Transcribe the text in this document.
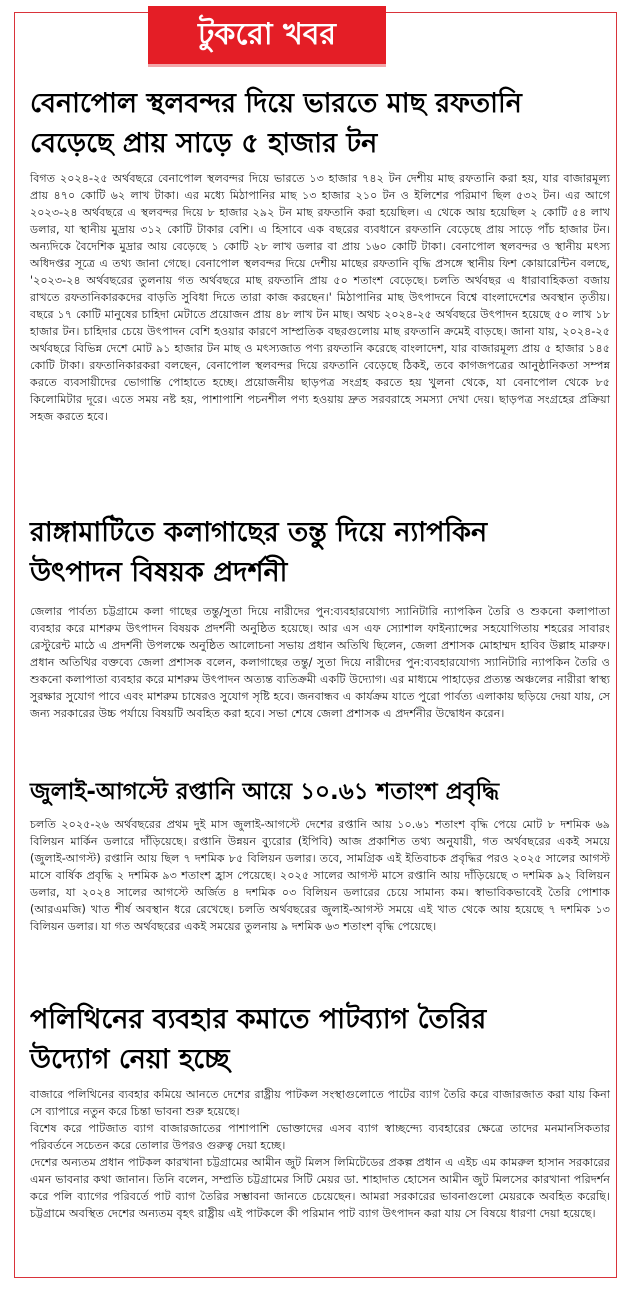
টুকরো খবর
বেনাপোল স্থলবন্দর দিয়ে ভারতে মাছ রফতানি
বেড়েছে প্রায় সাড়ে ৫ হাজার টন

বিগত ২০২৪-২৫ অর্থবছরে বেনাপোল স্থলবন্দর দিয়ে ভারতে ১৩ হাজার ৭৪২ টন দেশীয় মাছ রফতানি করা হয়, যার বাজারমূল্য প্রায় ৪৭০ কোটি ৬২ লাখ টাকা। এর মধ্যে মিঠাপানির মাছ ১৩ হাজার ২১০ টন ও ইলিশের পরিমাণ ছিল ৫৩২ টন। এর আগে ২০২৩-২৪ অর্থবছরে এ স্থলবন্দর দিয়ে ৮ হাজার ২৯২ টন মাছ রফতানি করা হয়েছিল। এ থেকে আয় হয়েছিল ২ কোটি ৫৪ লাখ ডলার, যা স্থানীয় মুদ্রায় ৩১২ কোটি টাকার বেশি। এ হিসাবে এক বছরের ব্যবধানে রফতানি বেড়েছে প্রায় সাড়ে পাঁচ হাজার টন। অন্যদিকে বৈদেশিক মুদ্রার আয় বেড়েছে ১ কোটি ২৮ লাখ ডলার বা প্রায় ১৬০ কোটি টাকা। বেনাপোল স্থলবন্দর ও স্থানীয় মৎস্য অধিদপ্তর সূত্রে এ তথ্য জানা গেছে। বেনাপোল স্থলবন্দর দিয়ে দেশীয় মাছের রফতানি বৃদ্ধি প্রসঙ্গে স্থানীয় ফিশ কোয়ারেন্টিন বলছে, '২০২৩-২৪ অর্থবছরের তুলনায় গত অর্থবছরে মাছ রফতানি প্রায় ৫০ শতাংশ বেড়েছে। চলতি অর্থবছর এ ধারাবাহিকতা বজায় রাখতে রফতানিকারকদের বাড়তি সুবিধা দিতে তারা কাজ করছেন।' মিঠাপানির মাছ উৎপাদনে বিশ্বে বাংলাদেশের অবস্থান তৃতীয়। বছরে ১৭ কোটি মানুষের চাহিদা মেটাতে প্রয়োজন প্রায় ৪৮ লাখ টন মাছ। অথচ ২০২৪-২৫ অর্থবছরে উৎপাদন হয়েছে ৫০ লাখ ১৮ হাজার টন। চাহিদার চেয়ে উৎপাদন বেশি হওয়ার কারণে সাম্প্রতিক বছরগুলোয় মাছ রফতানি ক্রমেই বাড়ছে। জানা যায়, ২০২৪-২৫ অর্থবছরে বিভিন্ন দেশে মোট ৯১ হাজার টন মাছ ও মৎস্যজাত পণ্য রফতানি করেছে বাংলাদেশ, যার বাজারমূল্য প্রায় ৫ হাজার ১৪৫ কোটি টাকা। রফতানিকারকরা বলছেন, বেনাপোল স্থলবন্দর দিয়ে রফতানি বেড়েছে ঠিকই, তবে কাগজপত্রের আনুষ্ঠানিকতা সম্পন্ন করতে ব্যবসায়ীদের ভোগান্তি পোহাতে হচ্ছে। প্রয়োজনীয় ছাড়পত্র সংগ্রহ করতে হয় খুলনা থেকে, যা বেনাপোল থেকে ৮৫ কিলোমিটার দূরে। এতে সময় নষ্ট হয়, পাশাপাশি পচনশীল পণ্য হওয়ায় দ্রুত সরবরাহে সমস্যা দেখা দেয়। ছাড়পত্র সংগ্রহের প্রক্রিয়া সহজ করতে হবে।

রাঙ্গামাটিতে কলাগাছের তন্তু দিয়ে ন্যাপকিন
উৎপাদন বিষয়ক প্রদর্শনী

জেলার পার্বত্য চট্টগ্রামে কলা গাছের তন্তু/সুতা দিয়ে নারীদের পুন:ব্যবহারযোগ্য স্যানিটারি ন্যাপকিন তৈরি ও শুকনো কলাপাতা ব্যবহার করে মাশরুম উৎপাদন বিষয়ক প্রদর্শনী অনুষ্ঠিত হয়েছে। আর এস এফ স্যোশাল ফাইন্যান্সের সহযোগিতায় শহরের সাবারং রেস্টুরেন্ট মাঠে এ প্রদর্শনী উপলক্ষে অনুষ্ঠিত আলোচনা সভায় প্রধান অতিথি ছিলেন, জেলা প্রশাসক মোহাম্মদ হাবিব উল্লাহ মারুফ। প্রধান অতিথির বক্তব্যে জেলা প্রশাসক বলেন, কলাগাছের তন্তু/ সুতা দিয়ে নারীদের পুন:ব্যবহারযোগ্য স্যানিটারি ন্যাপকিন তৈরি ও শুকনো কলাপাতা ব্যবহার করে মাশরুম উৎপাদন অত্যন্ত ব্যতিক্রমী একটি উদ্যোগ। এর মাধ্যমে পাহাড়ের প্রত্যন্ত অঞ্চলের নারীরা স্বাস্থ্য সুরক্ষার সুযোগ পাবে এবং মাশরুম চাষেরও সুযোগ সৃষ্টি হবে। জনবান্ধব এ কার্যক্রম যাতে পুরো পার্বত্য এলাকায় ছড়িয়ে দেয়া যায়, সে জন্য সরকারের উচ্চ পর্যায়ে বিষয়টি অবহিত করা হবে। সভা শেষে জেলা প্রশাসক এ প্রদর্শনীর উদ্বোধন করেন।

জুলাই-আগস্টে রপ্তানি আয়ে ১০.৬১ শতাংশ প্রবৃদ্ধি

চলতি ২০২৫-২৬ অর্থবছরের প্রথম দুই মাস জুলাই-আগস্টে দেশের রপ্তানি আয় ১০.৬১ শতাংশ বৃদ্ধি পেয়ে মোট ৮ দশমিক ৬৯ বিলিয়ন মার্কিন ডলারে দাঁড়িয়েছে। রপ্তানি উন্নয়ন ব্যুরোর (ইপিবি) আজ প্রকাশিত তথ্য অনুযায়ী, গত অর্থবছরের একই সময়ে (জুলাই-আগস্ট) রপ্তানি আয় ছিল ৭ দশমিক ৮৫ বিলিয়ন ডলার। তবে, সামগ্রিক এই ইতিবাচক প্রবৃদ্ধির পরও ২০২৫ সালের আগস্ট মাসে বার্ষিক প্রবৃদ্ধি ২ দশমিক ৯৩ শতাংশ হ্রাস পেয়েছে। ২০২৫ সালের আগস্ট মাসে রপ্তানি আয় দাঁড়িয়েছে ৩ দশমিক ৯২ বিলিয়ন ডলার, যা ২০২৪ সালের আগস্টে অর্জিত ৪ দশমিক ০৩ বিলিয়ন ডলারের চেয়ে সামান্য কম। স্বাভাবিকভাবেই তৈরি পোশাক (আরএমজি) খাত শীর্ষ অবস্থান ধরে রেখেছে। চলতি অর্থবছরের জুলাই-আগস্ট সময়ে এই খাত থেকে আয় হয়েছে ৭ দশমিক ১৩ বিলিয়ন ডলার। যা গত অর্থবছরের একই সময়ের তুলনায় ৯ দশমিক ৬৩ শতাংশ বৃদ্ধি পেয়েছে।

পলিথিনের ব্যবহার কমাতে পাটব্যাগ তৈরির
উদ্যোগ নেয়া হচ্ছে

বাজারে পলিথিনের ব্যবহার কমিয়ে আনতে দেশের রাষ্ট্রীয় পাটকল সংস্থাগুলোতে পাটের ব্যাগ তৈরি করে বাজারজাত করা যায় কিনা সে ব্যাপারে নতুন করে চিন্তা ভাবনা শুরু হয়েছে।

বিশেষ করে পাটজাত ব্যাগ বাজারজাতের পাশাপাশি ভোক্তাদের এসব ব্যাগ স্বাচ্ছন্দ্যে ব্যবহারের ক্ষেত্রে তাদের মনমানসিকতার পরিবর্তনে সচেতন করে তোলার উপরও গুরুত্ব দেয়া হচ্ছে।

দেশের অন্যতম প্রধান পাটকল কারখানা চট্টগ্রামের আমীন জুট মিলস লিমিটেডের প্রকল্প প্রধান এ এইচ এম কামরুল হাসান সরকারের এমন ভাবনার কথা জানান। তিনি বলেন, সম্প্রতি চট্টগ্রামের সিটি মেয়র ডা. শাহাদাত হোসেন আমীন জুট মিলসের কারখানা পরিদর্শন করে পলি ব্যাগের পরিবর্তে পাট ব্যাগ তৈরির সম্ভাবনা জানতে চেয়েছেন। আমরা সরকারের ভাবনাগুলো মেয়রকে অবহিত করেছি। চট্টগ্রামে অবস্থিত দেশের অন্যতম বৃহৎ রাষ্ট্রীয় এই পাটকলে কী পরিমান পাট ব্যাগ উৎপাদন করা যায় সে বিষয়ে ধারণা দেয়া হয়েছে।
